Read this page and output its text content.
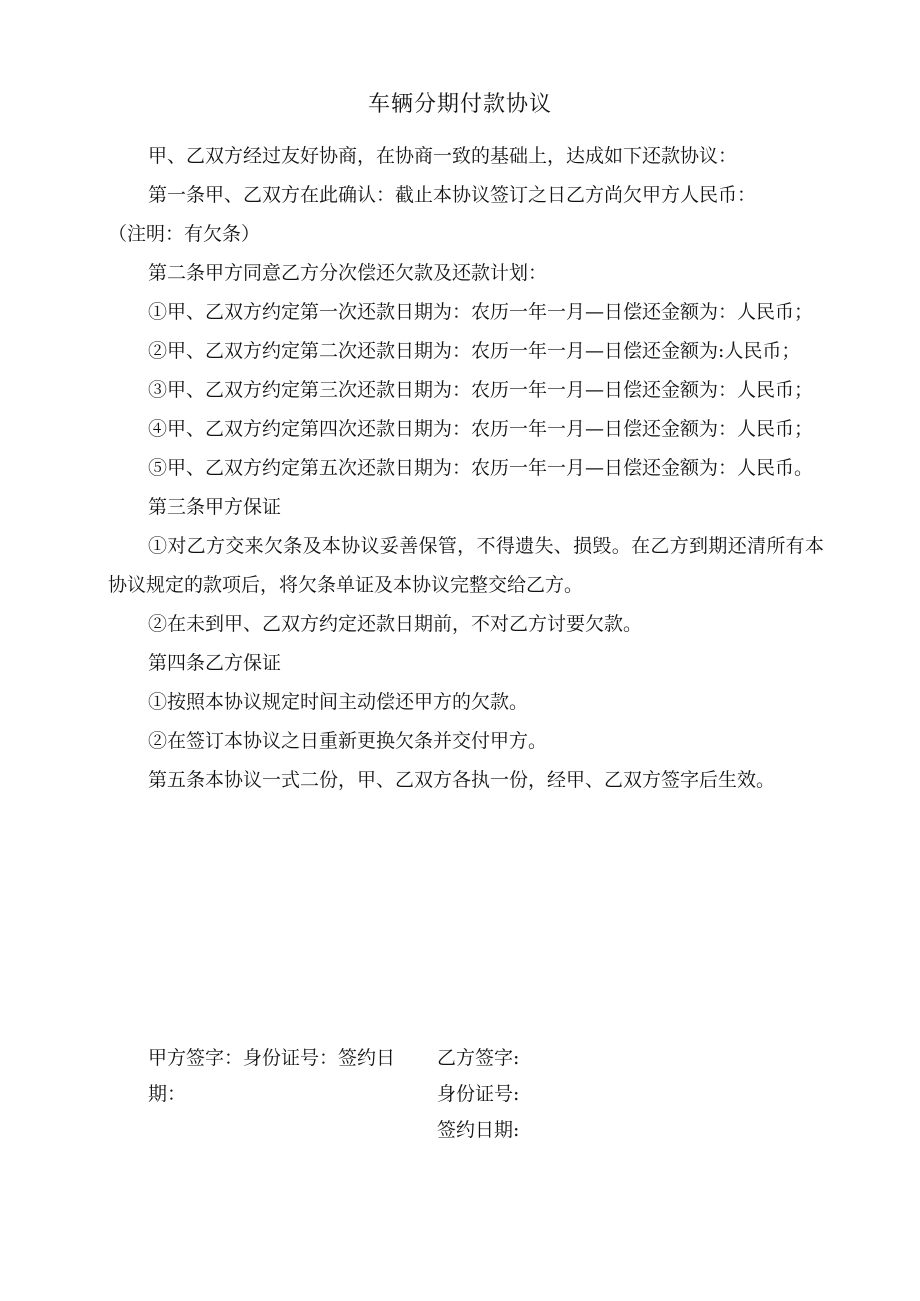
车辆分期付款协议

甲、乙双方经过友好协商，在协商一致的基础上，达成如下还款协议：

第一条甲、乙双方在此确认：截止本协议签订之日乙方尚欠甲方人民币：

（注明：有欠条）

第二条甲方同意乙方分次偿还欠款及还款计划：

①甲、乙双方约定第一次还款日期为：农历一年一月—日偿还金额为：人民币；

②甲、乙双方约定第二次还款日期为：农历一年一月—日偿还金额为:人民币；

③甲、乙双方约定第三次还款日期为：农历一年一月—日偿还金额为：人民币；

④甲、乙双方约定第四次还款日期为：农历一年一月—日偿还金额为：人民币；

⑤甲、乙双方约定第五次还款日期为：农历一年一月—日偿还金额为：人民币。

第三条甲方保证

①对乙方交来欠条及本协议妥善保管，不得遗失、损毁。在乙方到期还清所有本协议规定的款项后，将欠条单证及本协议完整交给乙方。

②在未到甲、乙双方约定还款日期前，不对乙方讨要欠款。

第四条乙方保证

①按照本协议规定时间主动偿还甲方的欠款。

②在签订本协议之日重新更换欠条并交付甲方。

第五条本协议一式二份，甲、乙双方各执一份，经甲、乙双方签字后生效。

甲方签字：身份证号：签约日期：
乙方签字:
身份证号:
签约日期:
